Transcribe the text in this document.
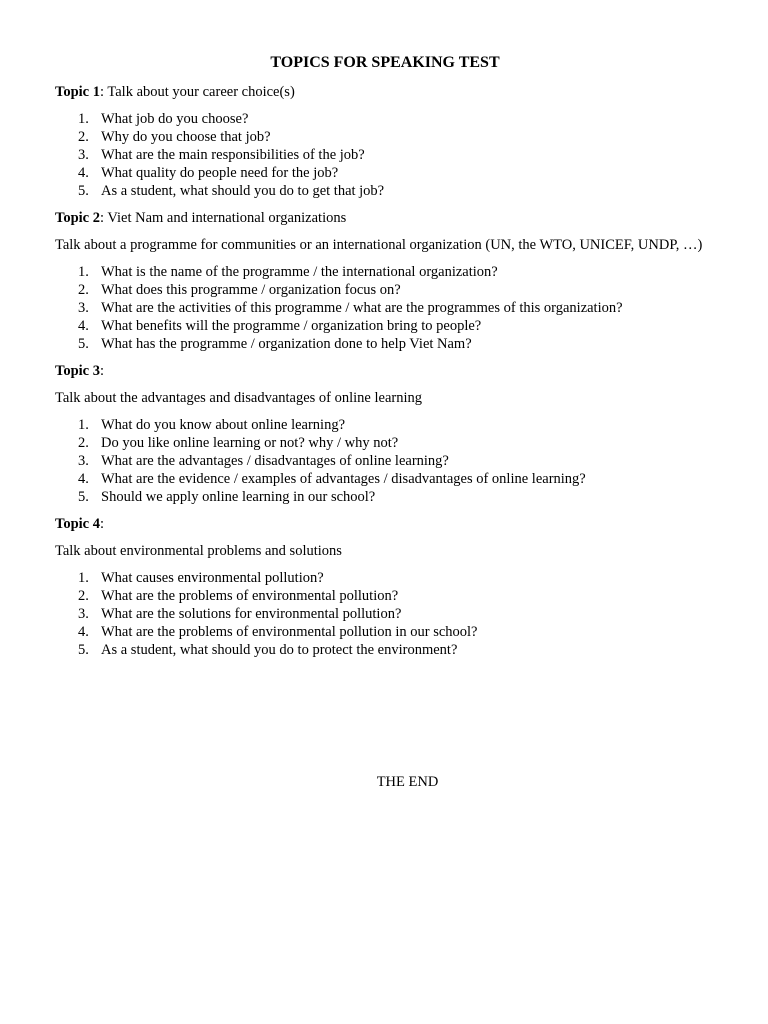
TOPICS FOR SPEAKING TEST

Topic 1: Talk about your career choice(s)

1. What job do you choose?
2. Why do you choose that job?
3. What are the main responsibilities of the job?
4. What quality do people need for the job?
5. As a student, what should you do to get that job?

Topic 2: Viet Nam and international organizations

Talk about a programme for communities or an international organization (UN, the WTO, UNICEF, UNDP, …)

1. What is the name of the programme / the international organization?
2. What does this programme / organization focus on?
3. What are the activities of this programme / what are the programmes of this organization?
4. What benefits will the programme / organization bring to people?
5. What has the programme / organization done to help Viet Nam?

Topic 3:

Talk about the advantages and disadvantages of online learning

1. What do you know about online learning?
2. Do you like online learning or not? why / why not?
3. What are the advantages / disadvantages of online learning?
4. What are the evidence / examples of advantages / disadvantages of online learning?
5. Should we apply online learning in our school?

Topic 4:

Talk about environmental problems and solutions

1. What causes environmental pollution?
2. What are the problems of environmental pollution?
3. What are the solutions for environmental pollution?
4. What are the problems of environmental pollution in our school?
5. As a student, what should you do to protect the environment?
THE END
